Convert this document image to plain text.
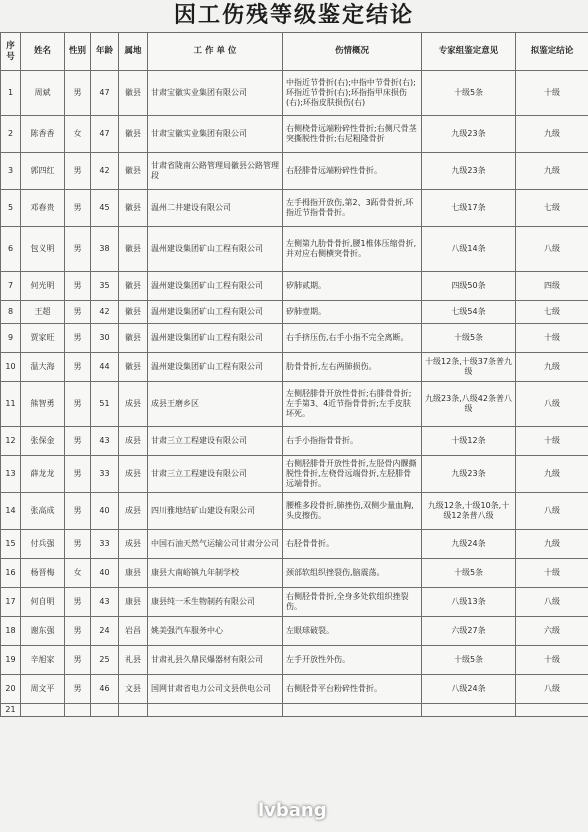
因工伤残等级鉴定结论
序号	姓名	性别	年龄	属地	工 作 单 位	伤情概况	专家组鉴定意见	拟鉴定结论
1	周斌	男	47	徽县	甘肃宝徽实业集团有限公司	中指近节骨折(右);中指中节骨折(右);环指近节骨折(右);环指指甲床损伤(右);环指皮肤损伤(右)	十级5条	十级
2	陈香香	女	47	徽县	甘肃宝徽实业集团有限公司	右侧桡骨远端粉碎性骨折;右侧尺骨茎突撕脱性骨折;右尼粗隆骨折	九级23条	九级
3	郭四红	男	42	徽县	甘肃省陇南公路管理局徽县公路管理段	右胫腓骨远端粉碎性骨折。	九级23条	九级
5	邓春贵	男	45	徽县	温州二井建设有限公司	左手拇指开放伤,第2、3跖骨骨折,环指近节指骨骨折。	七级17条	七级
6	包义明	男	38	徽县	温州建设集团矿山工程有限公司	左侧第九肋骨骨折,腰1椎体压缩骨折,并对应右侧横突骨折。	八级14条	八级
7	何光明	男	35	徽县	温州建设集团矿山工程有限公司	矽肺贰期。	四级50条	四级
8	王超	男	42	徽县	温州建设集团矿山工程有限公司	矽肺壹期。	七级54条	七级
9	贾家旺	男	30	徽县	温州建设集团矿山工程有限公司	右手挤压伤,右手小指不完全离断。	十级5条	十级
10	温大海	男	44	徽县	温州建设集团矿山工程有限公司	肋骨骨折,左右两肺损伤。	十级12条,十级37条普九级	九级
11	熊智勇	男	51	成县	成县王磨乡区	左侧胫腓骨开放性骨折;右腓骨骨折;左手第3、4近节指骨骨折;左手皮肤坏死。	九级23条,八级42条普八级	八级
12	张保金	男	43	成县	甘肃三立工程建设有限公司	右手小指指骨骨折。	十级12条	十级
13	薛龙龙	男	33	成县	甘肃三立工程建设有限公司	右侧胫腓骨开放性骨折,左胫骨内髁撕脱性骨折,左桡骨远端骨折,左胫腓骨远端骨折。	九级23条	九级
14	张高成	男	40	成县	四川雅地结矿山建设有限公司	腰椎多段骨折,肺挫伤,双侧少量血胸,头皮擦伤。	九级12条,十级10条,十级12条普八级	八级
15	付兵强	男	33	成县	中国石油天然气运输公司甘肃分公司	右胫骨骨折。	九级24条	九级
16	杨晋梅	女	40	康县	康县大南峪镇九年制学校	颈部软组织挫裂伤,脑震荡。	十级5条	十级
17	何自明	男	43	康县	康县纯一禾生物制药有限公司	右侧胫骨骨折,全身多处软组织挫裂伤。	八级13条	八级
18	谢东强	男	24	岩昌	姚美强汽车服务中心	左眼球破裂。	六级27条	六级
19	辛旭家	男	25	礼县	甘肃礼县久鼎民爆器材有限公司	左手开放性外伤。	十级5条	十级
20	周文平	男	46	文县	国网甘肃省电力公司文县供电公司	右侧胫骨平台粉碎性骨折。	八级24条	八级
21								
lvbang
